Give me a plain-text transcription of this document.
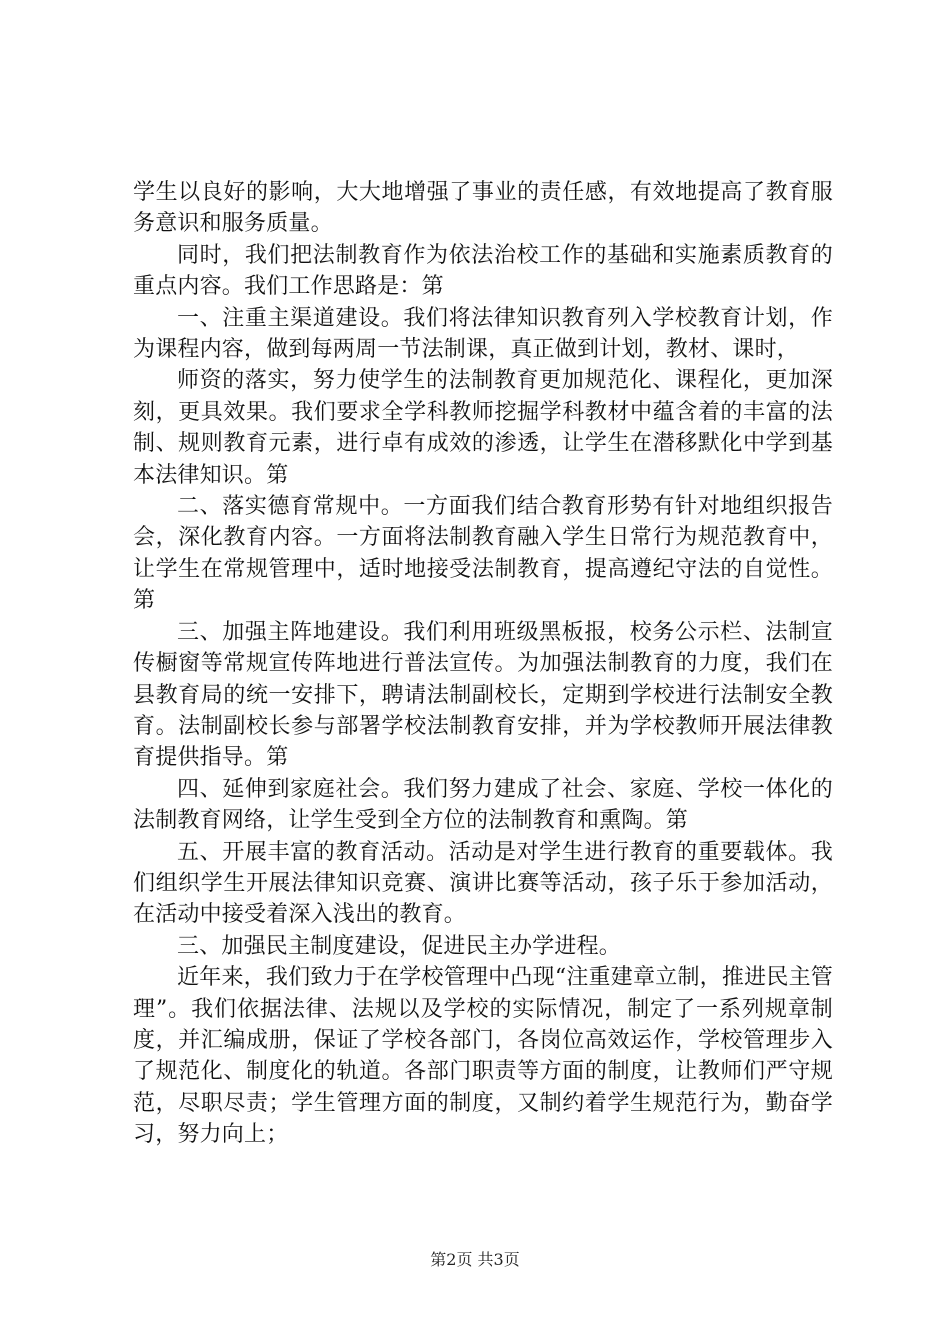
学生以良好的影响，大大地增强了事业的责任感，有效地提高了教育服务意识和服务质量。

同时，我们把法制教育作为依法治校工作的基础和实施素质教育的重点内容。我们工作思路是：第

一、注重主渠道建设。我们将法律知识教育列入学校教育计划，作为课程内容，做到每两周一节法制课，真正做到计划，教材、课时，

师资的落实，努力使学生的法制教育更加规范化、课程化，更加深刻，更具效果。我们要求全学科教师挖掘学科教材中蕴含着的丰富的法制、规则教育元素，进行卓有成效的渗透，让学生在潜移默化中学到基本法律知识。第

二、落实德育常规中。一方面我们结合教育形势有针对地组织报告会，深化教育内容。一方面将法制教育融入学生日常行为规范教育中，让学生在常规管理中，适时地接受法制教育，提高遵纪守法的自觉性。第

三、加强主阵地建设。我们利用班级黑板报，校务公示栏、法制宣传橱窗等常规宣传阵地进行普法宣传。为加强法制教育的力度，我们在县教育局的统一安排下，聘请法制副校长，定期到学校进行法制安全教育。法制副校长参与部署学校法制教育安排，并为学校教师开展法律教育提供指导。第

四、延伸到家庭社会。我们努力建成了社会、家庭、学校一体化的法制教育网络，让学生受到全方位的法制教育和熏陶。第

五、开展丰富的教育活动。活动是对学生进行教育的重要载体。我们组织学生开展法律知识竞赛、演讲比赛等活动，孩子乐于参加活动，在活动中接受着深入浅出的教育。

三、加强民主制度建设，促进民主办学进程。

近年来，我们致力于在学校管理中凸现“注重建章立制，推进民主管理”。我们依据法律、法规以及学校的实际情况，制定了一系列规章制度，并汇编成册，保证了学校各部门，各岗位高效运作，学校管理步入了规范化、制度化的轨道。各部门职责等方面的制度，让教师们严守规范，尽职尽责；学生管理方面的制度，又制约着学生规范行为，勤奋学习，努力向上；

第2页 共3页
